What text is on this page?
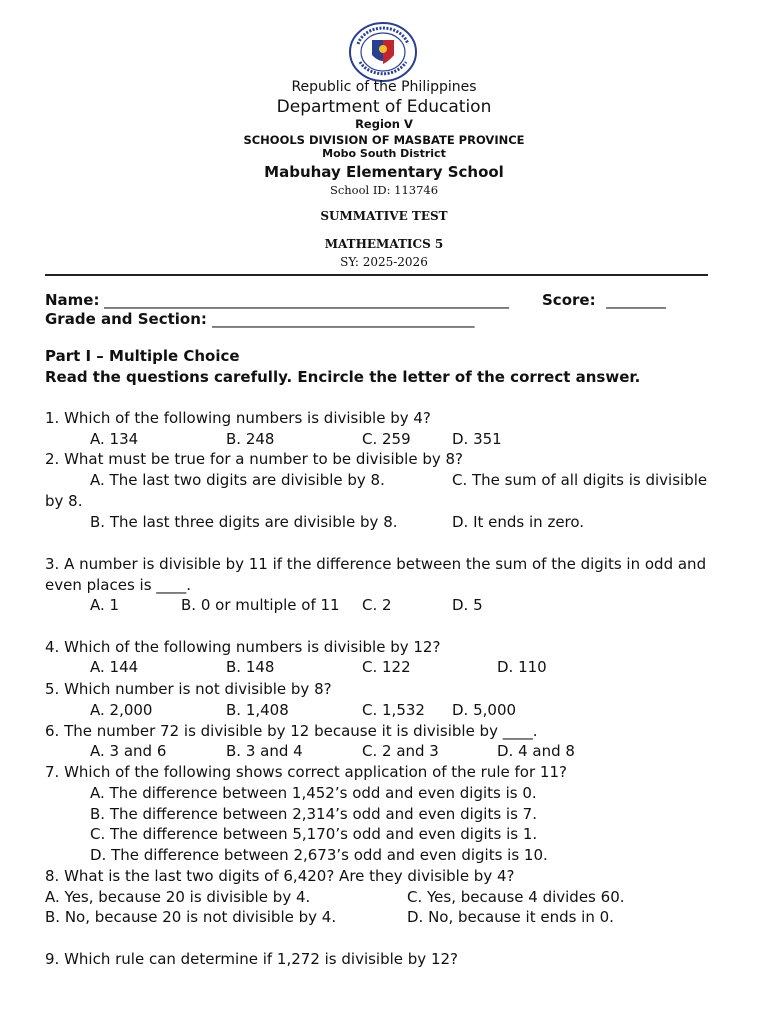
Republic of the Philippines
Department of Education
Region V
SCHOOLS DIVISION OF MASBATE PROVINCE
Mobo South District
Mabuhay Elementary School
School ID: 113746
SUMMATIVE TEST
MATHEMATICS 5
SY: 2025-2026
Name: ______________________________________________________	Score: ________
Grade and Section: ___________________________________
Part I – Multiple Choice
Read the questions carefully. Encircle the letter of the correct answer.
1. Which of the following numbers is divisible by 4?
A. 134	B. 248	C. 259	D. 351
2. What must be true for a number to be divisible by 8?
A. The last two digits are divisible by 8.	C. The sum of all digits is divisible
by 8.
B. The last three digits are divisible by 8.	D. It ends in zero.
3. A number is divisible by 11 if the difference between the sum of the digits in odd and
even places is ____.
A. 1	B. 0 or multiple of 11 C. 2	D. 5
4. Which of the following numbers is divisible by 12?
A. 144	B. 148	C. 122	D. 110
5. Which number is not divisible by 8?
A. 2,000	B. 1,408	C. 1,532 D. 5,000
6. The number 72 is divisible by 12 because it is divisible by ____.
A. 3 and 6	B. 3 and 4	C. 2 and 3	D. 4 and 8
7. Which of the following shows correct application of the rule for 11?
A. The difference between 1,452’s odd and even digits is 0.
B. The difference between 2,314’s odd and even digits is 7.
C. The difference between 5,170’s odd and even digits is 1.
D. The difference between 2,673’s odd and even digits is 10.
8. What is the last two digits of 6,420? Are they divisible by 4?
A. Yes, because 20 is divisible by 4.	C. Yes, because 4 divides 60.
B. No, because 20 is not divisible by 4.	D. No, because it ends in 0.
9. Which rule can determine if 1,272 is divisible by 12?
